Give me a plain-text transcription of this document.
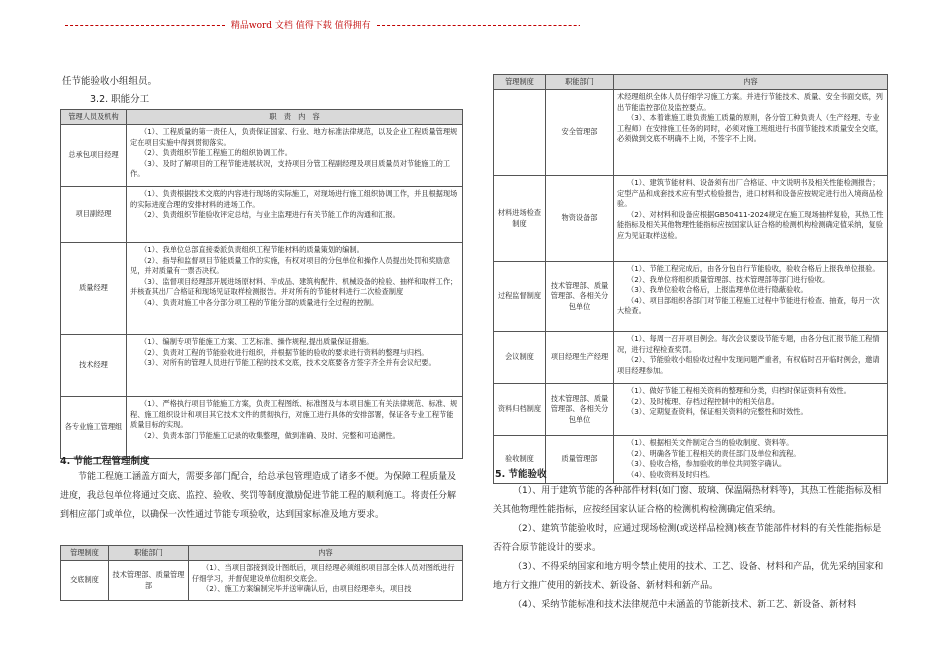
精品word 文档 值得下载 值得拥有
任节能验收小组组员。
3.2. 职能分工
管理人员及机构	职　责　内　容
总承包项目经理	（1）、工程质量的第一责任人，负责保证国家、行业、地方标准法律规范，以及企业工程质量管理规定在项目实施中得到贯彻落实。

（2）、负责组织节能工程施工的组织协调工作。

（3）、及时了解项目的工程节能进展状况，支持项目分管工程副经理及项目质量员对节能施工的工作。

项目副经理	（1）、负责根据技术交底的内容进行现场的实际施工，对现场进行施工组织协调工作，并且根据现场的实际进度合理的安排材料的进场工作。

（2）、负责组织节能验收评定总结，与业主监理进行有关节能工作的沟通和汇报。

质量经理	（1）、我单位总部直接委派负责组织工程节能材料的质量策划的编制。

（2）、指导和监督项目节能质量工作的实施，有权对项目的分包单位和操作人员提出处罚和奖励意见，并对质量有一票否决权。

（3）、监督项目经理部开展进场原材料、半成品、建筑构配件、机械设备的检验、抽样和取样工作；并核查其出厂合格证和现场见证取样检测报告。并对所有的节能材料进行二次检查制度

（4）、负责对施工中各分部分项工程的节能分部的质量进行全过程的控制。

技术经理	（1）、编制专项节能施工方案、工艺标准、操作规程,提出质量保证措施。

（2）、负责对工程的节能验收进行组织，并根据节能的验收的要求进行资料的整理与归档。

（3）、对所有的管理人员进行节能工程的技术交底，技术交底要各方签字齐全并有会议纪要。

各专业施工管理组	（1）、严格执行项目节能施工方案，负责工程图纸、标准图及与本项目施工有关法律规范、标准、规程、施工组织设计和项目其它技术文件的贯彻执行，对施工进行具体的安排部署，保证各专业工程节能质量目标的实现。

（2）、负责本部门节能施工记录的收集整理，做到准确、及时、完整和可追溯性。

4. 节能工程管理制度
节能工程施工涵盖方面大，需要多部门配合，给总承包管理造成了诸多不便。为保障工程质量及进度，我总包单位将通过交底、监控、验收、奖罚等制度激励促进节能工程的顺利施工。将责任分解到相应部门或单位，以确保一次性通过节能专项验收，达到国家标准及地方要求。
管理制度	职能部门	内容
交底制度	技术管理部、质量管理部	（1）、当项目部接到设计图纸后，项目经理必须组织项目部全体人员对图纸进行仔细学习，并督促建设单位组织交底会。

（2）、施工方案编制完毕并送审确认后，由项目经理牵头，项目技

管理制度	职能部门	内容
	安全管理部	术经理组织全体人员仔细学习施工方案。并进行节能技术、质量、安全书面交底，列出节能监控部位及监控要点。

（3）、本着谁施工谁负责施工质量的原则，各分管工种负责人（生产经理、专业工程师）在安排施工任务的同时，必须对施工班组进行书面节能技术质量安全交底，必须做到交底不明确不上岗，不签字不上岗。

材料进场检查制度	物资设备部	（1）、建筑节能材料、设备须有出厂合格证、中文说明书及相关性能检测报告；定型产品和成套技术应有型式检验报告，进口材料和设备应按规定进行出入境商品检验。

（2）、对材料和设备应根据GB50411-2024规定在施工现场抽样复验，其热工性能指标及相关其他物理性能指标应按国家认证合格的检测机构检测确定值采纳，复验应为见证取样送检。

过程监督制度	技术管理部、质量管理部、各相关分包单位	（1）、节能工程完成后，由各分包自行节能验收，验收合格后上报我单位报验。

（2）、我单位将组织质量管理部、技术管理部等部门进行验收。

（3）、我单位验收合格后，上报监理单位进行隐蔽验收。

（4）、项目部组织各部门对节能工程施工过程中节能进行检查、抽查，每月一次大检查。

会议制度	项目经理生产经理	（1）、每周一召开项目例会。每次会议要设节能专题，由各分包汇报节能工程情况，进行过程检查奖罚。

（2）、节能验收小组验收过程中发现问题严重者，有权临时召开临时例会，邀请项目经理参加。

资料归档制度	技术管理部、质量管理部、各相关分包单位	（1）、做好节能工程相关资料的整理和分类，归档时保证资料有效性。

（2）、及时梳理、存档过程控制中的相关信息。

（3）、定期复查资料，保证相关资料的完整性和时效性。

验收制度	质量管理部	（1）、根据相关文件制定合当的验收制度、资料等。

（2）、明确各节能工程相关的责任部门及单位和流程。

（3）、验收合格，参加验收的单位共同签字确认。

（4）、验收资料及时归档。

5. 节能验收
（1）、用于建筑节能的各种部件材料(如门窗、玻璃、保温隔热材料等)，其热工性能指标及相关其他物理性能指标，应按经国家认证合格的检测机构检测确定值采纳。
（2）、建筑节能验收时，应通过现场检测(或送样品检测)核查节能部件材料的有关性能指标是否符合原节能设计的要求。
（3）、不得采纳国家和地方明令禁止使用的技术、工艺、设备、材料和产品，优先采纳国家和地方行文推广使用的新技术、新设备、新材料和新产品。
（4）、采纳节能标准和技术法律规范中未涵盖的节能新技术、新工艺、新设备、新材料
